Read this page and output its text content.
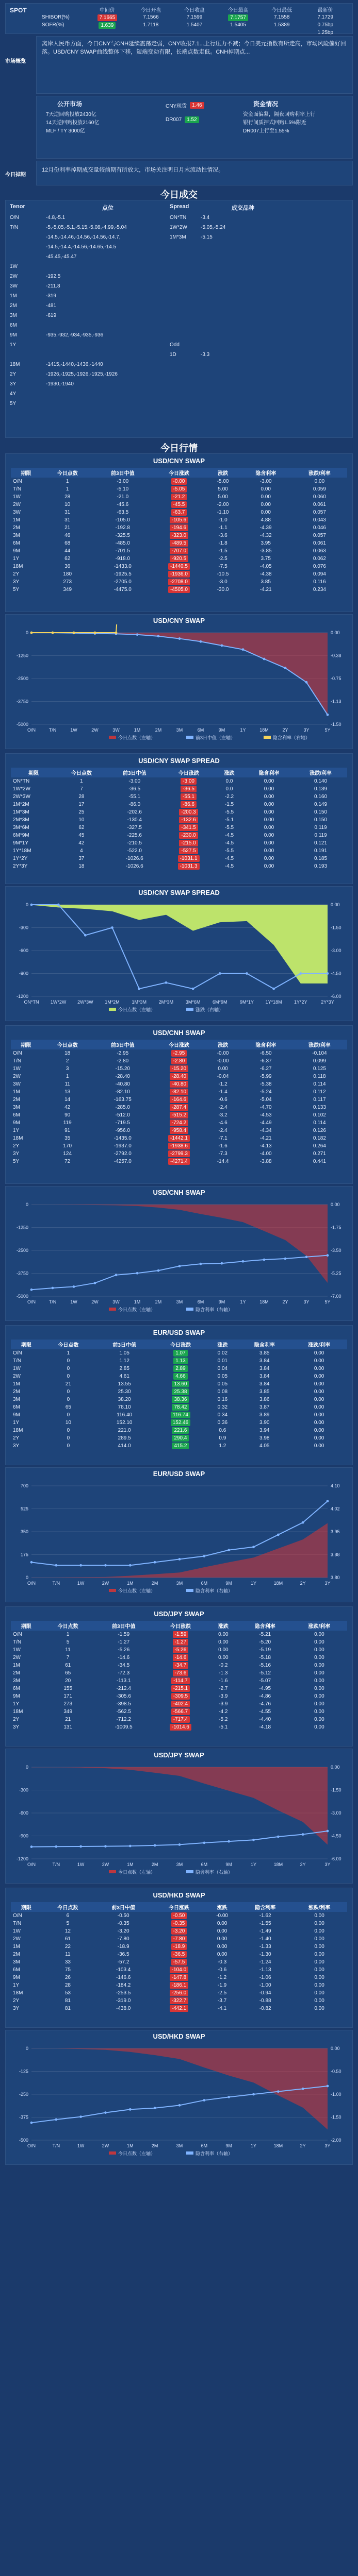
SPOT	中间价	今日开盘	今日收盘	今日最高	今日最低	最新价
SHIBOR(%)	7.1665	7.1566	7.1599	7.1757	7.1558	7.1729
SOFR(%)	1.639	1.7118	1.5407	1.5405	1.5389	0.75bp
1.25bp
市场概览
离岸人民币方面，今日CNY与CNH延续震荡走弱，CNY收报7.1...上行压力不减；今日美元指数有所走高，市场风险偏好回落。USD/CNY SWAP曲线整体下移，短端变动有限，长端点数走低。CNH掉期点...
公开市场
7天逆回购投放2430亿
14天逆回购投放2160亿
MLF / TY 3000亿
CNY现货	1.46
DR007	1.52
资金情况
资金面偏紧，隔夜回购利率上行
银行间质押式回购1.5%附近
DR007上行至1.55%
今日掉期
12月份利率掉期成交量较前期有所放大，市场关注明日月末流动性情况。
今日成交
Tenor	点位	Spread	成交品种
O/N	-4.8,-5.1	ON*TN	-3.4
T/N	-5,-5.05,-5.1,-5.15,-5.08,-4.99,-5.04	1W*2W	-5.05,-5.24
-14.5,-14.46,-14.56,-14.56,-14.7,	1M*3M	-5.15
-14.5,-14.4,-14.56,-14.65,-14.5
-45.45,-45.47
1W
2W	-192.5
3W	-211.8
1M	-319
2M	-481
3M	-619
6M
9M	-935,-932,-934,-935,-936
1Y	Odd
1D	-3.3
18M	-1415,-1440,-1436,-1440
2Y	-1926,-1925,-1926,-1925,-1926
3Y	-1930,-1940
4Y
5Y
今日行情
USD/CNY SWAP
期限	今日点数	前3日中值	今日涨跌	涨跌	隐含利率	涨跌/利率
O/N	1	-3.00	-0.00	-5.00	-3.00	0.00
T/N	1	-5.10	-5.05	5.00	0.00	0.059
1W	28	-21.0	-21.2	5.00	0.00	0.060
2W	10	-45.6	-45.5	-2.00	0.00	0.061
3W	31	-63.5	-63.7	-1.10	0.00	0.057
1M	31	-105.0	-105.6	-1.0	4.88	0.043
2M	21	-192.8	-194.6	-1.1	-4.39	0.046
3M	46	-325.5	-323.0	-3.6	-4.32	0.057
6M	68	-485.0	-489.5	-1.8	3.95	0.061
9M	44	-701.5	-707.0	-1.5	-3.85	0.063
1Y	62	-918.0	-920.5	-2.5	3.75	0.062
18M	36	-1433.0	-1440.5	-7.5	-4.05	0.076
2Y	180	-1925.5	-1936.0	-10.5	-4.38	0.094
3Y	273	-2705.0	-2708.0	-3.0	3.85	0.116
5Y	349	-4475.0	-4505.0	-30.0	-4.21	0.234
USD/CNY SWAP
0	0.00
-1250	-0.38
-2500	-0.75
-3750	-1.13
-5000	-1.50
O/N	T/N	1W	2W	3W	1M	2M	3M	6M	9M	1Y	18M	2Y	3Y	5Y
今日点数（左轴）	前3日中值（左轴）	隐含利率（右轴）
USD/CNY SWAP SPREAD
期限	今日点数	前3日中值	今日涨跌	涨跌	隐含利率	涨跌/利率
ON*TN	1	-3.00	-3.00	0.0	0.00	0.140
1W*2W	7	-36.5	-36.5	0.0	0.00	0.139
2W*3W	28	-55.1	-55.1	-2.2	0.00	0.160
1M*2M	17	-86.0	-86.6	-1.5	0.00	0.149
1M*3M	25	-202.6	-200.3	-5.5	0.00	0.150
2M*3M	10	-130.4	-132.6	-5.1	0.00	0.150
3M*6M	62	-327.5	-341.5	-5.5	0.00	0.119
6M*9M	45	-225.6	-230.0	-4.5	0.00	0.119
9M*1Y	42	-210.5	-215.0	-4.5	0.00	0.121
1Y*18M	4	-522.0	-527.5	-5.5	0.00	0.191
1Y*2Y	37	-1026.6	-1031.1	-4.5	0.00	0.185
2Y*3Y	18	-1026.6	-1031.3	-4.5	0.00	0.193
USD/CNY SWAP SPREAD
0	0.00
-300	-1.50
-600	-3.00
-900	-4.50
-1200	-6.00
ON*TN 1W*2W 2W*3W	1M*2M	1M*3M	2M*3M	3M*6M	6M*9M	9M*1Y	1Y*18M	1Y*2Y	2Y*3Y
今日点数（左轴）	涨跌（右轴）
USD/CNH SWAP
期限	今日点数	前3日中值	今日涨跌	涨跌	隐含利率	涨跌/利率
O/N	18	-2.95	-2.95	-0.00	-6.50	-0.104
T/N	2	-2.80	-2.80	-0.00	-6.37	0.099
1W	3	-15.20	-15.20	0.00	-6.27	0.125
2W	1	-28.40	-28.40	-0.04	-5.99	0.118
3W	11	-40.80	-40.80	-1.2	-5.38	0.114
1M	13	-82.10	-82.10	-1.4	-5.24	0.112
2M	14	-163.75	-164.6	-0.6	-5.04	0.117
3M	42	-285.0	-287.4	-2.4	-4.70	0.133
6M	90	-512.0	-515.2	-3.2	-4.53	0.102
9M	119	-719.5	-724.2	-4.6	-4.49	0.114
1Y	91	-956.0	-958.4	-2.4	-4.34	0.126
18M	35	-1435.0	-1442.1	-7.1	-4.21	0.182
2Y	170	-1937.0	-1938.6	-1.6	-4.13	0.264
3Y	124	-2792.0	-2799.3	-7.3	-4.00	0.271
5Y	72	-4257.0	-4271.4	-14.4	-3.88	0.441
USD/CNH SWAP
0	0.00
-1250	-1.75
-2500	-3.50
-3750	-5.25
-5000	-7.00
O/N	T/N	1W	2W	3W	1M	2M	3M	6M	9M	1Y	18M	2Y	3Y	5Y
今日点数（左轴）	隐含利率（右轴）
EUR/USD SWAP
期限	今日点数	前3日中值	今日涨跌	涨跌	隐含利率	涨跌/利率
O/N	1	1.05	1.07	0.02	3.85	0.00
T/N	0	1.12	1.13	0.01	3.84	0.00
1W	0	2.85	2.89	0.04	3.84	0.00
2W	0	4.61	4.66	0.05	3.84	0.00
1M	21	13.55	13.60	0.05	3.84	0.00
2M	0	25.30	25.38	0.08	3.85	0.00
3M	0	38.20	38.36	0.16	3.86	0.00
6M	65	78.10	78.42	0.32	3.87	0.00
9M	0	116.40	116.74	0.34	3.89	0.00
1Y	10	152.10	152.46	0.36	3.90	0.00
18M	0	221.0	221.6	0.6	3.94	0.00
2Y	0	289.5	290.4	0.9	3.98	0.00
3Y	0	414.0	415.2	1.2	4.05	0.00
EUR/USD SWAP
700	4.10
525	4.02
350	3.95
175	3.88
0	3.80
O/N	T/N	1W	2W	1M	2M	3M	6M	9M	1Y	18M	2Y	3Y
今日点数（左轴）	隐含利率（右轴）
USD/JPY SWAP
期限	今日点数	前3日中值	今日涨跌	涨跌	隐含利率	涨跌/利率
O/N	1	-1.59	-1.59	0.00	-5.21	0.00
T/N	5	-1.27	-1.27	0.00	-5.20	0.00
1W	11	-5.26	-5.26	0.00	-5.19	0.00
2W	7	-14.6	-14.6	0.00	-5.18	0.00
1M	61	-34.5	-34.7	-0.2	-5.16	0.00
2M	65	-72.3	-73.6	-1.3	-5.12	0.00
3M	20	-113.1	-114.7	-1.6	-5.07	0.00
6M	155	-212.4	-215.1	-2.7	-4.95	0.00
9M	171	-305.6	-309.5	-3.9	-4.86	0.00
1Y	273	-398.5	-402.4	-3.9	-4.76	0.00
18M	349	-562.5	-566.7	-4.2	-4.55	0.00
2Y	21	-712.2	-717.4	-5.2	-4.40	0.00
3Y	131	-1009.5	-1014.6	-5.1	-4.18	0.00
USD/JPY SWAP
0	0.00
-300	-1.50
-600	-3.00
-900	-4.50
-1200	-6.00
O/N	T/N	1W	2W	1M	2M	3M	6M	9M	1Y	18M	2Y	3Y
今日点数（左轴）	隐含利率（右轴）
USD/HKD SWAP
期限	今日点数	前3日中值	今日涨跌	涨跌	隐含利率	涨跌/利率
O/N	6	-0.50	-0.50	-0.00	-1.62	0.00
T/N	5	-0.35	-0.35	0.00	-1.55	0.00
1W	12	-3.20	-3.20	0.00	-1.49	0.00
2W	61	-7.80	-7.80	0.00	-1.40	0.00
1M	22	-18.9	-18.9	0.00	-1.33	0.00
2M	11	-36.5	-36.5	0.00	-1.30	0.00
3M	33	-57.2	-57.5	-0.3	-1.24	0.00
6M	75	-103.4	-104.0	-0.6	-1.13	0.00
9M	26	-146.6	-147.8	-1.2	-1.06	0.00
1Y	28	-184.2	-186.1	-1.9	-1.00	0.00
18M	53	-253.5	-256.0	-2.5	-0.94	0.00
2Y	81	-319.0	-322.7	-3.7	-0.88	0.00
3Y	81	-438.0	-442.1	-4.1	-0.82	0.00
USD/HKD SWAP
0	0.00
-125	-0.50
-250	-1.00
-375	-1.50
-500	-2.00
O/N	T/N	1W	2W	1M	2M	3M	6M	9M	1Y	18M	2Y	3Y
今日点数（左轴）	隐含利率（右轴）
